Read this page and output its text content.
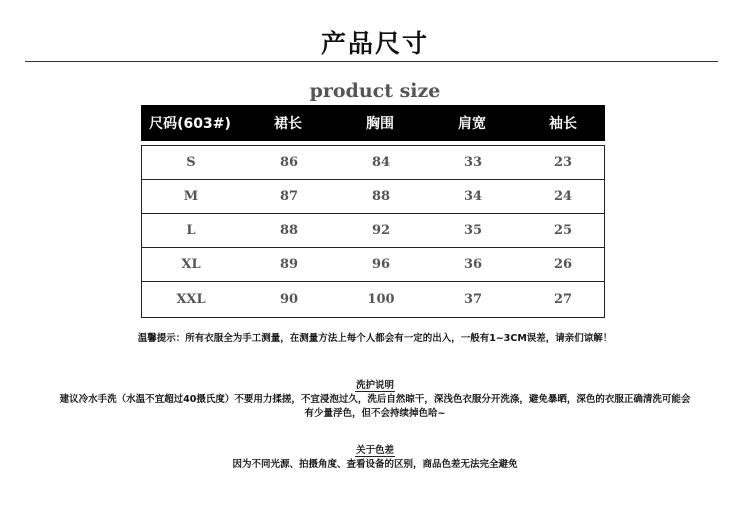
产品尺寸
product size
尺码(603#)	裙长	胸围	肩宽	袖长
S	86	84	33	23
M	87	88	34	24
L	88	92	35	25
XL	89	96	36	26
XXL	90	100	37	27
温馨提示：所有衣服全为手工测量，在测量方法上每个人都会有一定的出入，一般有1~3CM误差，请亲们谅解！
洗护说明
建议冷水手洗（水温不宜超过40摄氏度）不要用力揉搓，不宜浸泡过久，洗后自然晾干，深浅色衣服分开洗涤，避免暴晒，深色的衣服正确清洗可能会
有少量浮色，但不会持续掉色哈~
关于色差
因为不同光源、拍摄角度、查看设备的区别，商品色差无法完全避免
